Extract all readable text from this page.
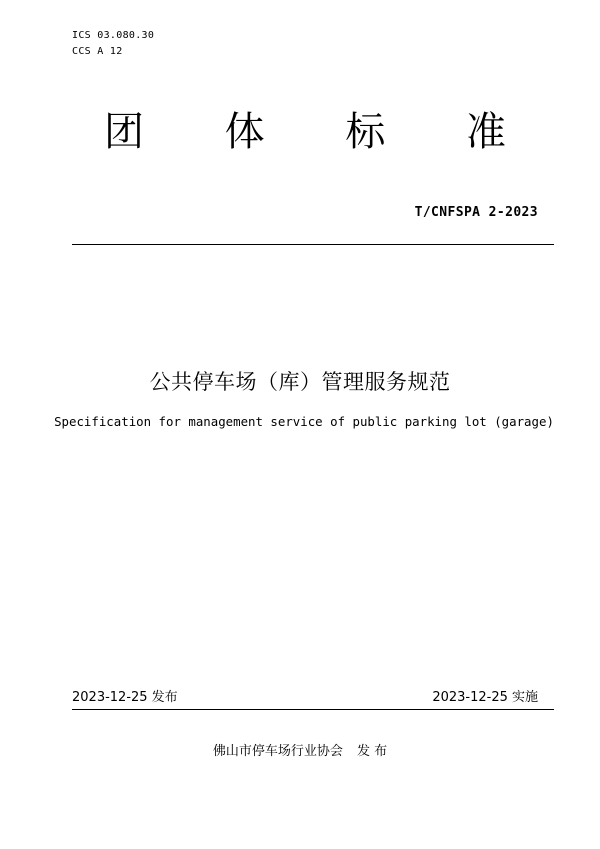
ICS 03.080.30
CCS A 12
团 体 标 准
T/CNFSPA 2-2023
公共停车场（库）管理服务规范
Specification for management service of public parking lot (garage)
2023-12-25 发布	2023-12-25 实施
佛山市停车场行业协会 发 布
